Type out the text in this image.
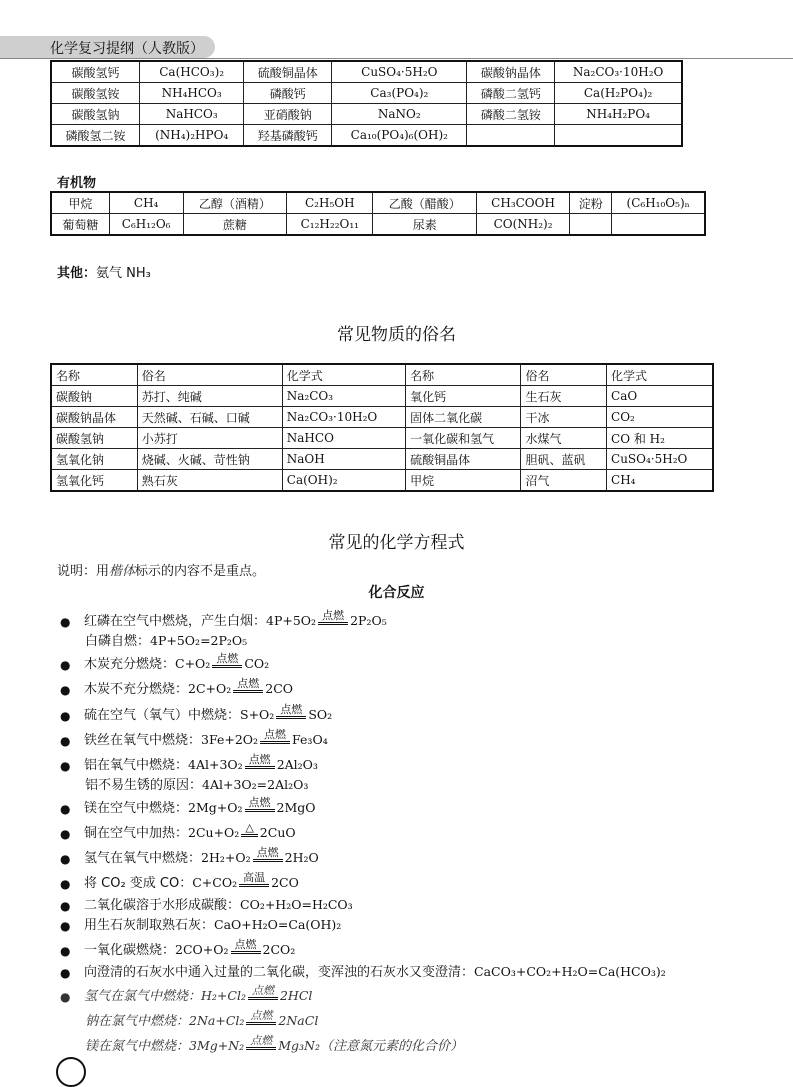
化学复习提纲（人教版）
碳酸氢钙	Ca(HCO₃)₂	硫酸铜晶体	CuSO₄·5H₂O	碳酸钠晶体	Na₂CO₃·10H₂O
碳酸氢铵	NH₄HCO₃	磷酸钙	Ca₃(PO₄)₂	磷酸二氢钙	Ca(H₂PO₄)₂
碳酸氢钠	NaHCO₃	亚硝酸钠	NaNO₂	磷酸二氢铵	NH₄H₂PO₄
磷酸氢二铵	(NH₄)₂HPO₄	羟基磷酸钙	Ca₁₀(PO₄)₆(OH)₂		
有机物
甲烷	CH₄	乙醇（酒精）	C₂H₅OH	乙酸（醋酸）	CH₃COOH	淀粉	(C₆H₁₀O₅)ₙ
葡萄糖	C₆H₁₂O₆	蔗糖	C₁₂H₂₂O₁₁	尿素	CO(NH₂)₂		
其他：氨气 NH₃
常见物质的俗名
名称	俗名	化学式	名称	俗名	化学式
碳酸钠	苏打、纯碱	Na₂CO₃	氧化钙	生石灰	CaO
碳酸钠晶体	天然碱、石碱、口碱	Na₂CO₃·10H₂O	固体二氧化碳	干冰	CO₂
碳酸氢钠	小苏打	NaHCO	一氧化碳和氢气	水煤气	CO 和 H₂
氢氧化钠	烧碱、火碱、苛性钠	NaOH	硫酸铜晶体	胆矾、蓝矾	CuSO₄·5H₂O
氢氧化钙	熟石灰	Ca(OH)₂	甲烷	沼气	CH₄
常见的化学方程式
说明：用楷体标示的内容不是重点。
化合反应
●	红磷在空气中燃烧，产生白烟：4P+5O₂ 点燃 2P₂O₅
●	木炭充分燃烧：C+O₂ 点燃 CO₂
●	木炭不充分燃烧：2C+O₂ 点燃 2CO
●	硫在空气（氧气）中燃烧：S+O₂ 点燃 SO₂
●	铁丝在氧气中燃烧：3Fe+2O₂ 点燃 Fe₃O₄
●	铝在氧气中燃烧：4Al+3O₂ 点燃 2Al₂O₃
●	镁在空气中燃烧：2Mg+O₂ 点燃 2MgO
●	铜在空气中加热：2Cu+O₂ △ 2CuO
●	氢气在氧气中燃烧：2H₂+O₂ 点燃 2H₂O
●	将 CO₂ 变成 CO：C+CO₂ 高温 2CO
●	二氧化碳溶于水形成碳酸：CO₂+H₂O=H₂CO₃
●	用生石灰制取熟石灰：CaO+H₂O=Ca(OH)₂
●	一氧化碳燃烧：2CO+O₂ 点燃 2CO₂
●	向澄清的石灰水中通入过量的二氧化碳，变浑浊的石灰水又变澄清：CaCO₃+CO₂+H₂O=Ca(HCO₃)₂
●	氢气在氯气中燃烧：H₂+Cl₂ 点燃 2HCl
白磷自燃：4P+5O₂=2P₂O₅
铝不易生锈的原因：4Al+3O₂=2Al₂O₃
钠在氯气中燃烧：2Na+Cl₂ 点燃 2NaCl
镁在氮气中燃烧：3Mg+N₂ 点燃 Mg₃N₂（注意氮元素的化合价）
